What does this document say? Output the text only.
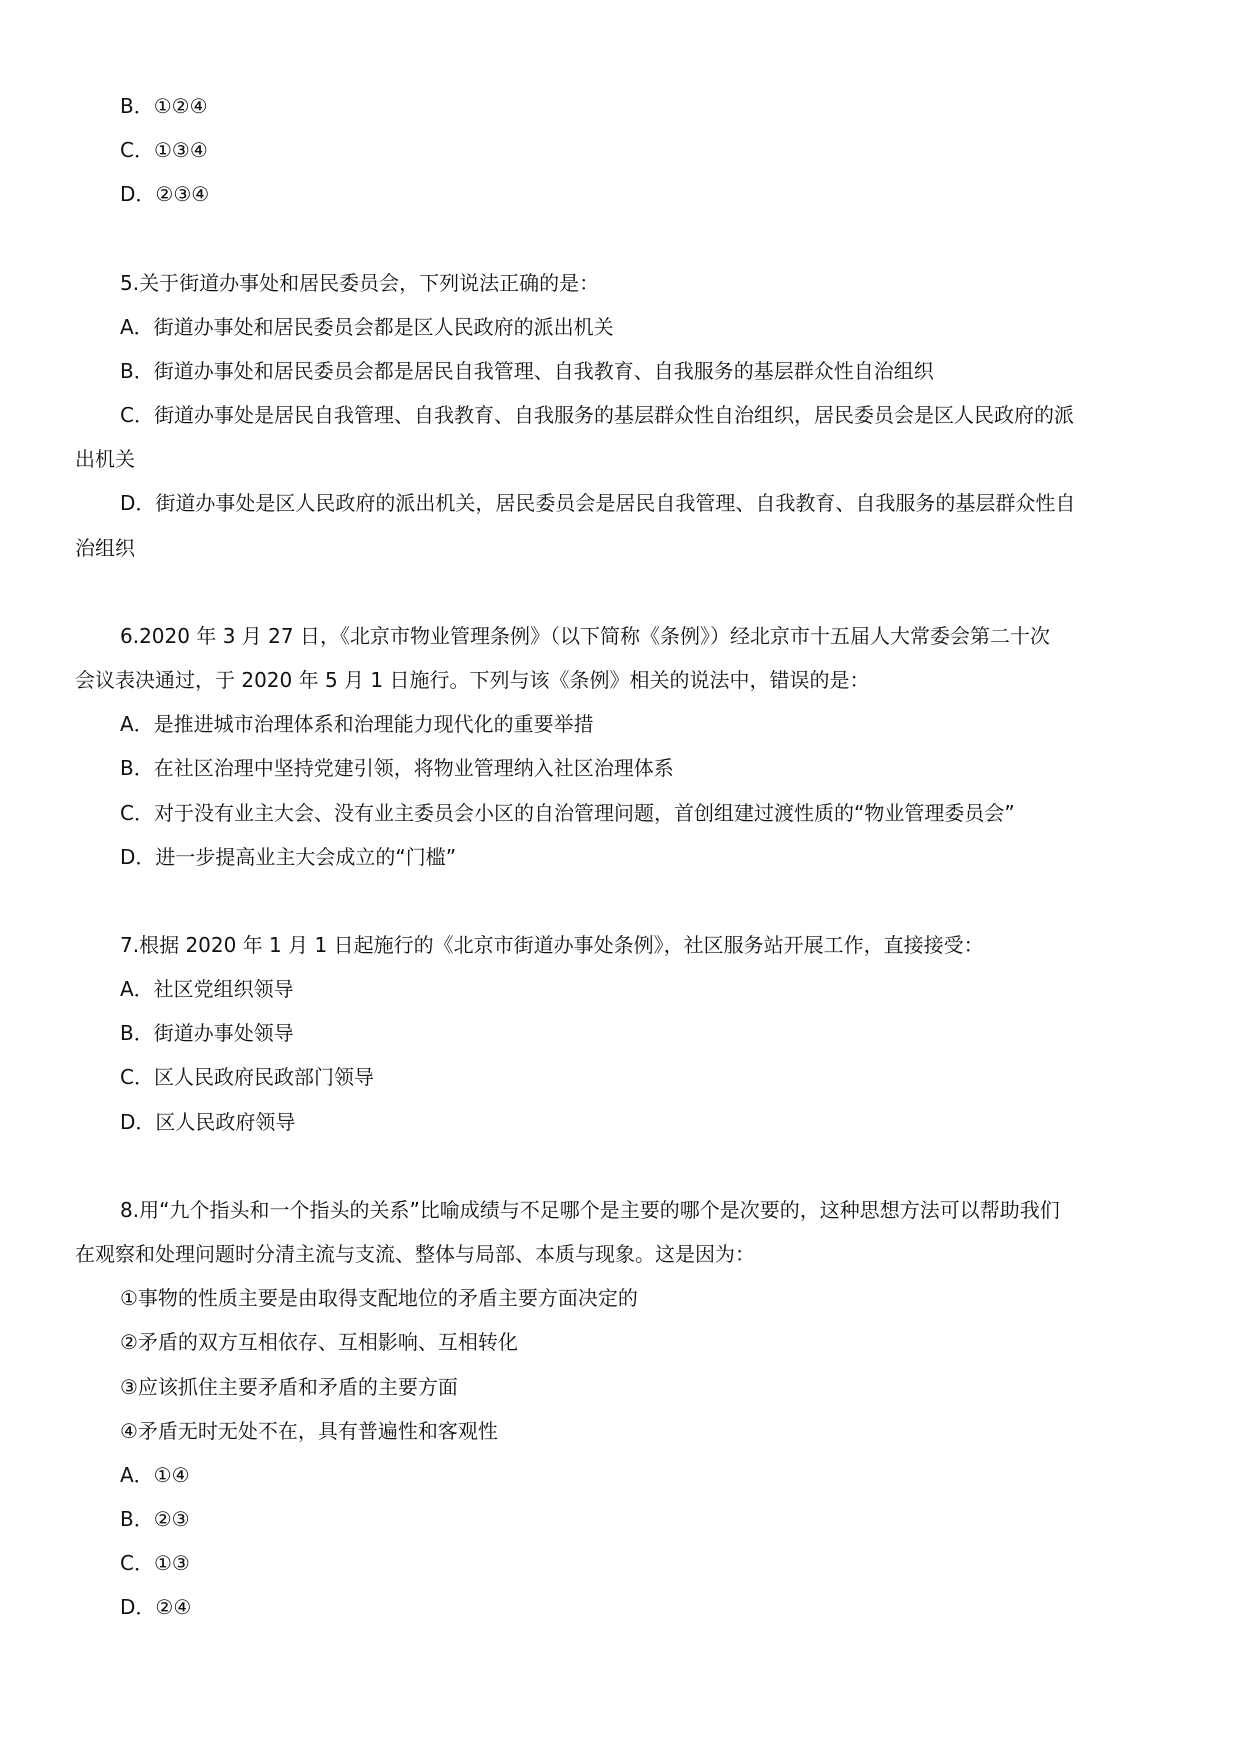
B．①②④
C．①③④
D．②③④
5.关于街道办事处和居民委员会，下列说法正确的是：
A．街道办事处和居民委员会都是区人民政府的派出机关
B．街道办事处和居民委员会都是居民自我管理、自我教育、自我服务的基层群众性自治组织
C．街道办事处是居民自我管理、自我教育、自我服务的基层群众性自治组织，居民委员会是区人民政府的派
出机关
D．街道办事处是区人民政府的派出机关，居民委员会是居民自我管理、自我教育、自我服务的基层群众性自
治组织
6.2020 年 3 月 27 日，《北京市物业管理条例》（以下简称《条例》）经北京市十五届人大常委会第二十次
会议表决通过，于 2020 年 5 月 1 日施行。下列与该《条例》相关的说法中，错误的是：
A．是推进城市治理体系和治理能力现代化的重要举措
B．在社区治理中坚持党建引领，将物业管理纳入社区治理体系
C．对于没有业主大会、没有业主委员会小区的自治管理问题，首创组建过渡性质的“物业管理委员会”
D．进一步提高业主大会成立的“门槛”
7.根据 2020 年 1 月 1 日起施行的《北京市街道办事处条例》，社区服务站开展工作，直接接受：
A．社区党组织领导
B．街道办事处领导
C．区人民政府民政部门领导
D．区人民政府领导
8.用“九个指头和一个指头的关系”比喻成绩与不足哪个是主要的哪个是次要的，这种思想方法可以帮助我们
在观察和处理问题时分清主流与支流、整体与局部、本质与现象。这是因为：
①事物的性质主要是由取得支配地位的矛盾主要方面决定的
②矛盾的双方互相依存、互相影响、互相转化
③应该抓住主要矛盾和矛盾的主要方面
④矛盾无时无处不在，具有普遍性和客观性
A．①④
B．②③
C．①③
D．②④
